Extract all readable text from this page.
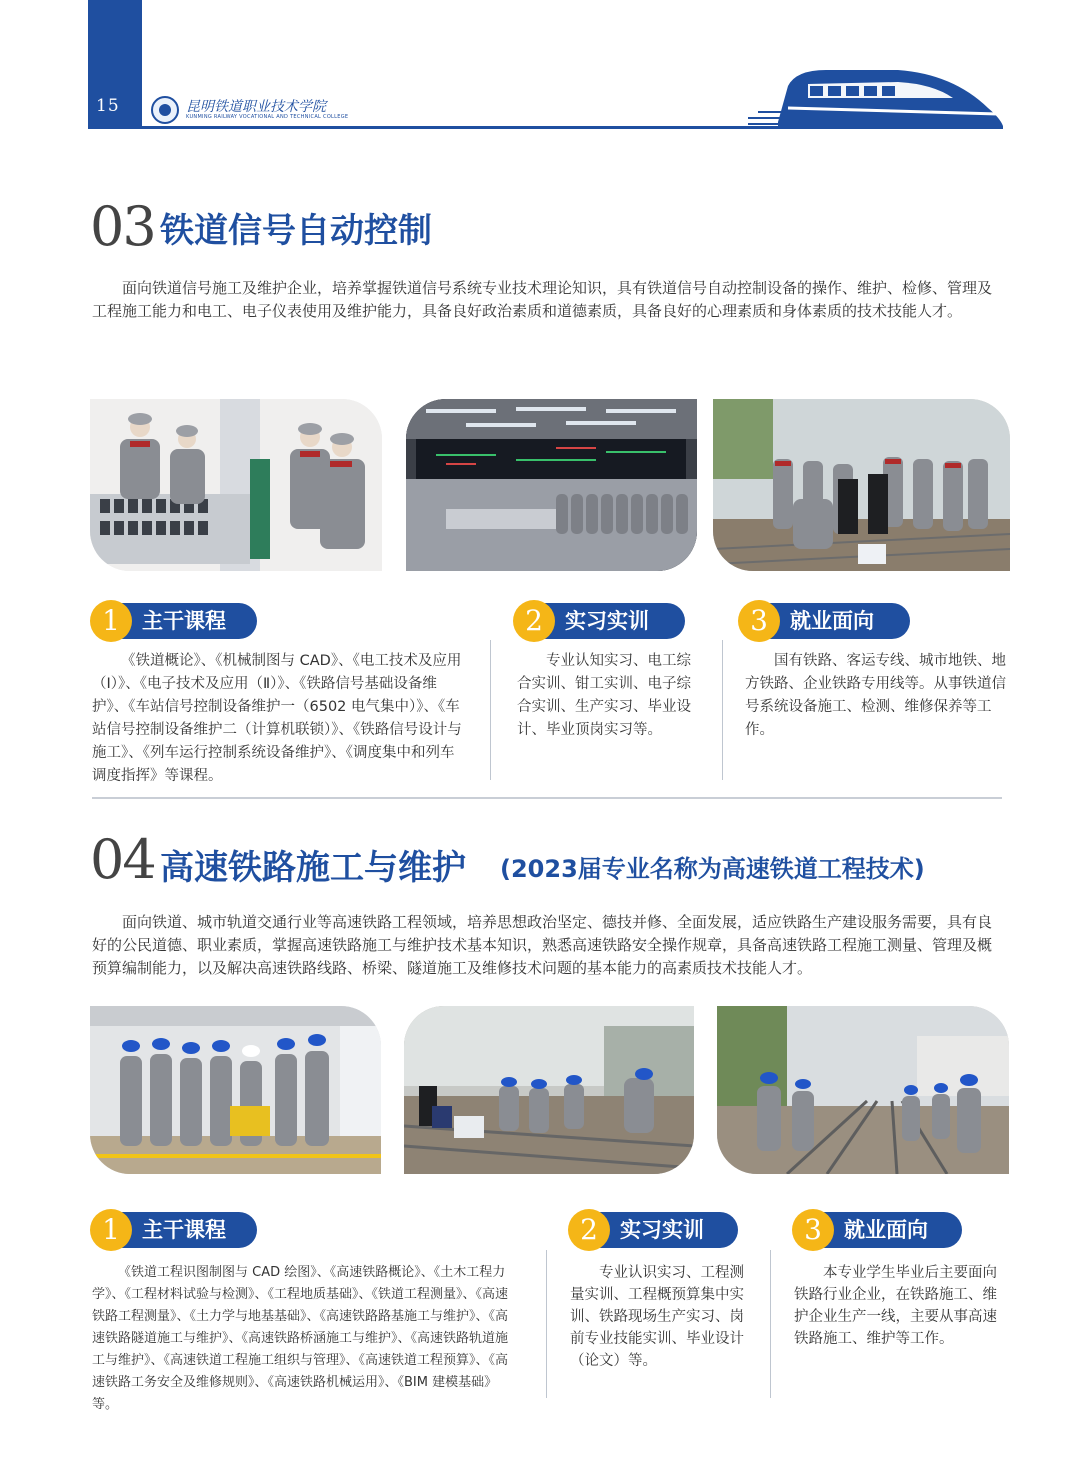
15	昆明铁道职业技术学院
KUNMING RAILWAY VOCATIONAL AND TECHNICAL COLLEGE
03 铁道信号自动控制

面向铁道信号施工及维护企业，培养掌握铁道信号系统专业技术理论知识，具有铁道信号自动控制设备的操作、维护、检修、管理及工程施工能力和电工、电子仪表使用及维护能力，具备良好政治素质和道德素质，具备良好的心理素质和身体素质的技术技能人才。

1	主干课程	2	实习实训	3	就业面向

《铁道概论》、《机械制图与 CAD》、《电工技术及应用（Ⅰ）》、《电子技术及应用（Ⅱ）》、《铁路信号基础设备维护》、《车站信号控制设备维护一（6502 电气集中）》、《车站信号控制设备维护二（计算机联锁）》、《铁路信号设计与施工》、《列车运行控制系统设备维护》、《调度集中和列车调度指挥》等课程。

专业认知实习、电工综合实训、钳工实训、电子综合实训、生产实习、毕业设计、毕业顶岗实习等。

国有铁路、客运专线、城市地铁、地方铁路、企业铁路专用线等。从事铁道信号系统设备施工、检测、维修保养等工作。

04 高速铁路施工与维护 (2023届专业名称为高速铁道工程技术)

面向铁道、城市轨道交通行业等高速铁路工程领域，培养思想政治坚定、德技并修、全面发展，适应铁路生产建设服务需要，具有良好的公民道德、职业素质，掌握高速铁路施工与维护技术基本知识，熟悉高速铁路安全操作规章，具备高速铁路工程施工测量、管理及概预算编制能力，以及解决高速铁路线路、桥梁、隧道施工及维修技术问题的基本能力的高素质技术技能人才。

1	主干课程	2	实习实训	3	就业面向

《铁道工程识图制图与 CAD 绘图》、《高速铁路概论》、《土木工程力学》、《工程材料试验与检测》、《工程地质基础》、《铁道工程测量》、《高速铁路工程测量》、《土力学与地基基础》、《高速铁路路基施工与维护》、《高速铁路隧道施工与维护》、《高速铁路桥涵施工与维护》、《高速铁路轨道施工与维护》、《高速铁道工程施工组织与管理》、《高速铁道工程预算》、《高速铁路工务安全及维修规则》、《高速铁路机械运用》、《BIM 建模基础》等。

专业认识实习、工程测量实训、工程概预算集中实训、铁路现场生产实习、岗前专业技能实训、毕业设计（论文）等。

本专业学生毕业后主要面向铁路行业企业，在铁路施工、维护企业生产一线，主要从事高速铁路施工、维护等工作。
